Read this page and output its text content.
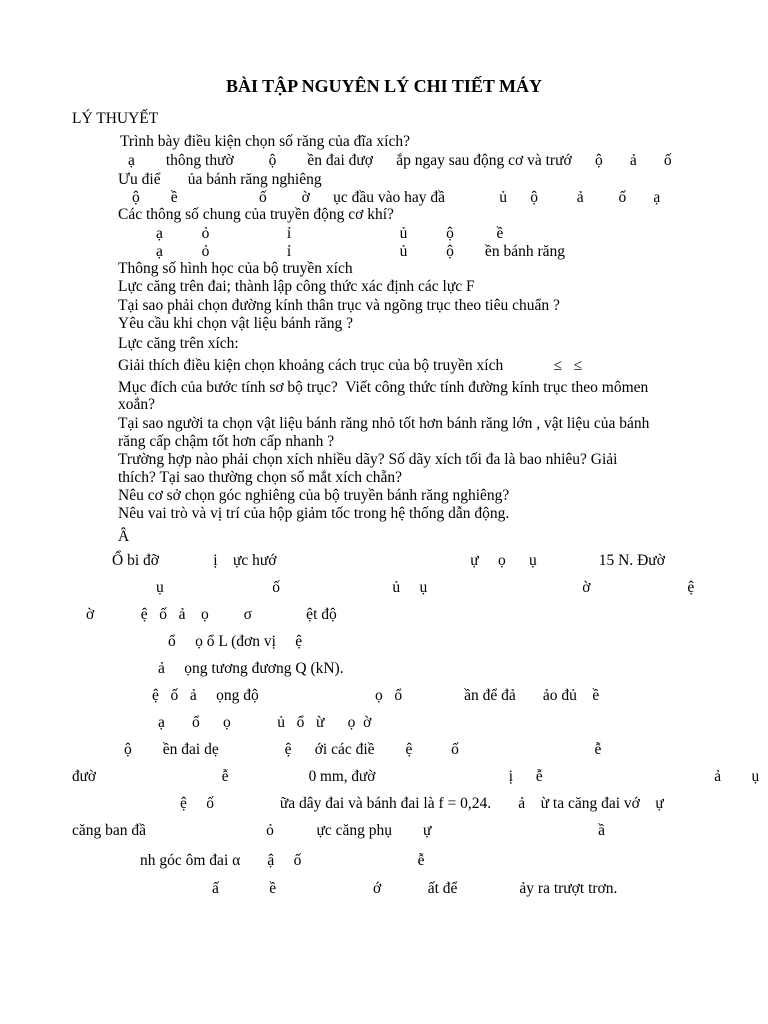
BÀI TẬP NGUYÊN LÝ CHI TIẾT MÁY
LÝ THUYẾT
Trình bày điều kiện chọn số răng của đĩa xích?
ạ        thông thườ         ộ        ền đai đượ      ắp ngay sau động cơ và trướ      ộ       ả       ố
Ưu điể       ủa bánh răng nghiêng
ộ        ề                     ố         ờ      ục đầu vào hay đầ              ủ      ộ          ả         ố       ạ
Các thông số chung của truyền động cơ khí?
ạ          ỏ                    ỉ                            ủ          ộ           ề
ạ          ỏ                    ỉ                            ủ          ộ        ền bánh răng
Thông số hình học của bộ truyền xích
Lực căng trên đai; thành lập công thức xác định các lực F
Tại sao phải chọn đường kính thân trục và ngõng trục theo tiêu chuẩn ?
Yêu cầu khi chọn vật liệu bánh răng ?
Lực căng trên xích:
Giải thích điều kiện chọn khoảng cách trục của bộ truyền xích             ≤   ≤
Mục đích của bước tính sơ bộ trục?  Viết công thức tính đường kính trục theo mômen
xoắn?
Tại sao người ta chọn vật liệu bánh răng nhỏ tốt hơn bánh răng lớn , vật liệu của bánh
răng cấp chậm tốt hơn cấp nhanh ?
Trường hợp nào phải chọn xích nhiều dãy? Số dãy xích tối đa là bao nhiêu? Giải
thích? Tại sao thường chọn số mắt xích chẵn?
Nêu cơ sở chọn góc nghiêng của bộ truyền bánh răng nghiêng?
Nêu vai trò và vị trí của hộp giảm tốc trong hệ thống dẫn động.
Â
Ổ bi đỡ              ị    ực hướ                                                  ự     ọ      ụ                15 N. Đườ
ụ                            ố                             ủ     ụ                                        ờ                         ệ
ờ            ệ   ố   ả    ọ         σ              ệt độ
ổ     ọ ổ L (đơn vị     ệ
ả     ọng tương đương Q (kN).
ệ   ố   ả     ọng độ                              ọ   ổ                ần để đả       ảo đủ    ề
ạ       ổ      ọ            ủ   ổ   ừ      ọ  ờ
ộ        ền đai dẹ                 ệ      ới các điề        ệ          ố                                   ễ
đườ                                 ễ                     0 mm, đườ                                   ị      ễ                                             ả        ụ
ệ     ố                 ữa dây đai và bánh đai là f = 0,24.       ả    ừ ta căng đai vớ    ự
căng ban đầ                               ỏ           ực căng phụ        ự                                           ầ
nh góc ôm đai α       ậ     ố                              ễ
ấ             ề                         ớ            ất để                ảy ra trượt trơn.
